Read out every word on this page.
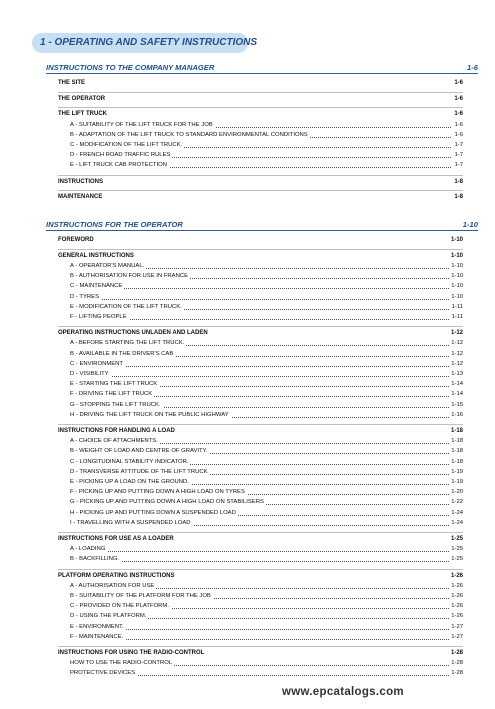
1 - OPERATING AND SAFETY INSTRUCTIONS
INSTRUCTIONS TO THE COMPANY MANAGER	1-6
THE SITE	1-6
THE OPERATOR	1-6
THE LIFT TRUCK	1-6
A - SUITABILITY OF THE LIFT TRUCK FOR THE JOB	1-6
B - ADAPTATION OF THE LIFT TRUCK TO STANDARD ENVIRONMENTAL CONDITIONS	1-6
C - MODIFICATION OF THE LIFT TRUCK.	1-7
D - FRENCH ROAD TRAFFIC RULES	1-7
E - LIFT TRUCK CAB PROTECTION	1-7
INSTRUCTIONS	1-8
MAINTENANCE	1-8
INSTRUCTIONS FOR THE OPERATOR	1-10
FOREWORD	1-10
GENERAL INSTRUCTIONS	1-10
A - OPERATOR'S MANUAL.	1-10
B - AUTHORISATION FOR USE IN FRANCE	1-10
C - MAINTENANCE	1-10
D - TYRES	1-10
E - MODIFICATION OF THE LIFT TRUCK.	1-11
F - LIFTING PEOPLE	1-11
OPERATING INSTRUCTIONS UNLADEN AND LADEN	1-12
A - BEFORE STARTING THE LIFT TRUCK.	1-12
B - AVAILABLE IN THE DRIVER'S CAB	1-12
C - ENVIRONMENT	1-12
D - VISIBILITY	1-13
E - STARTING THE LIFT TRUCK	1-14
F - DRIVING THE LIFT TRUCK	1-14
G - STOPPING THE LIFT TRUCK.	1-15
H - DRIVING THE LIFT TRUCK ON THE PUBLIC HIGHWAY	1-16
INSTRUCTIONS FOR HANDLING A LOAD	1-18
A - CHOICE OF ATTACHMENTS.	1-18
B - WEIGHT OF LOAD AND CENTRE OF GRAVITY.	1-18
C - LONGITUDINAL STABILITY INDICATOR.	1-18
D - TRANSVERSE ATTITUDE OF THE LIFT TRUCK	1-19
E - PICKING UP A LOAD ON THE GROUND.	1-19
F - PICKING UP AND PUTTING DOWN A HIGH LOAD ON TYRES	1-20
G - PICKING UP AND PUTTING DOWN A HIGH LOAD ON STABILISERS	1-22
H - PICKING UP AND PUTTING DOWN A SUSPENDED LOAD	1-24
I - TRAVELLING WITH A SUSPENDED LOAD	1-24
INSTRUCTIONS FOR USE AS A LOADER	1-25
A - LOADING	1-25
B - BACKFILLING.	1-25
PLATFORM OPERATING INSTRUCTIONS	1-26
A - AUTHORISATION FOR USE	1-26
B - SUITABILITY OF THE PLATFORM FOR THE JOB	1-26
C - PROVIDED ON THE PLATFORM.	1-26
D - USING THE PLATFORM.	1-26
E - ENVIRONMENT.	1-27
F - MAINTENANCE.	1-27
INSTRUCTIONS FOR USING THE RADIO-CONTROL	1-28
HOW TO USE THE RADIO-CONTROL	1-28
PROTECTIVE DEVICES	1-28
www.epcatalogs.com
